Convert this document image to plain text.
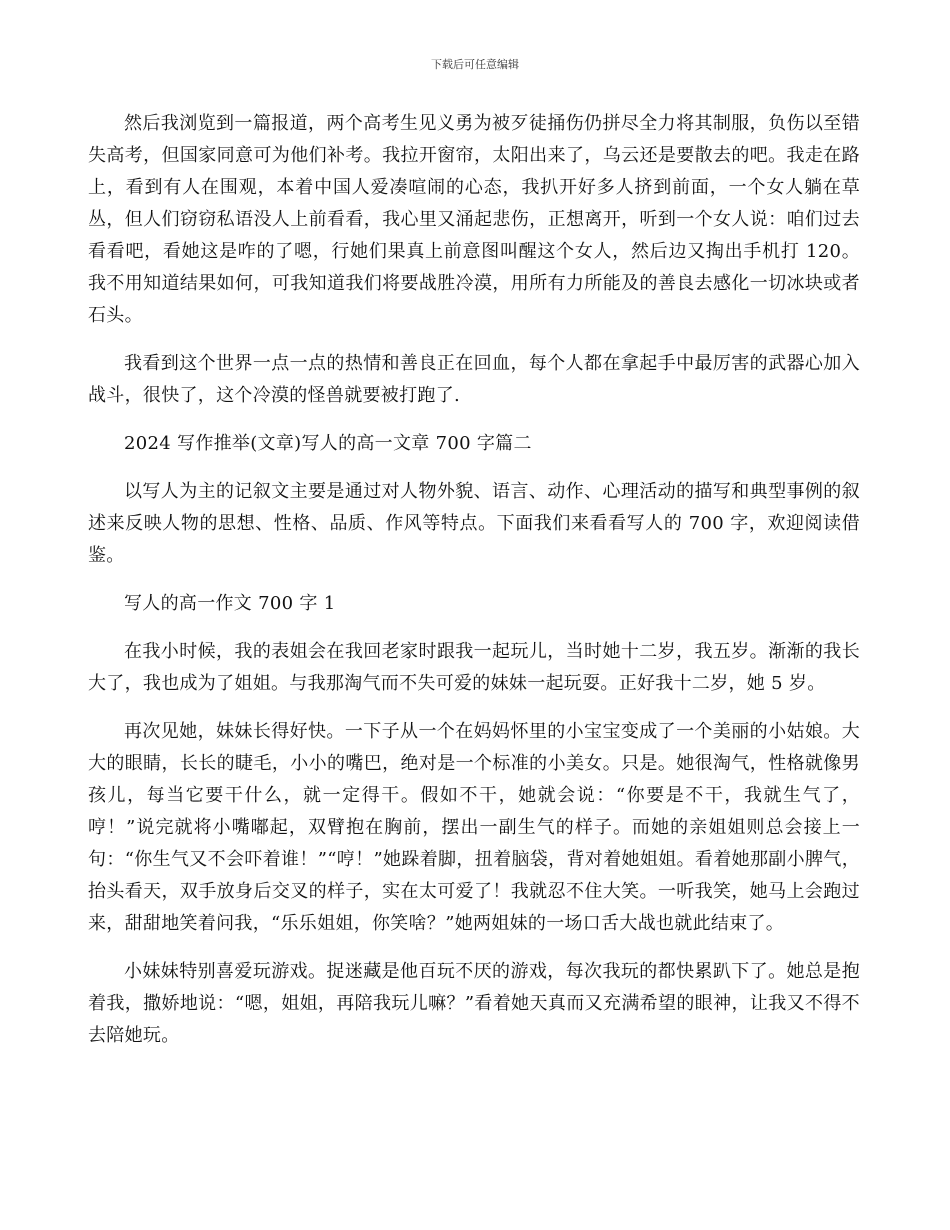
下载后可任意编辑

然后我浏览到一篇报道，两个高考生见义勇为被歹徒捅伤仍拼尽全力将其制服，负伤以至错失高考，但国家同意可为他们补考。我拉开窗帘，太阳出来了，乌云还是要散去的吧。我走在路上，看到有人在围观，本着中国人爱凑喧闹的心态，我扒开好多人挤到前面，一个女人躺在草丛，但人们窃窃私语没人上前看看，我心里又涌起悲伤，正想离开，听到一个女人说：咱们过去看看吧，看她这是咋的了嗯，行她们果真上前意图叫醒这个女人，然后边又掏出手机打 120。我不用知道结果如何，可我知道我们将要战胜冷漠，用所有力所能及的善良去感化一切冰块或者石头。

我看到这个世界一点一点的热情和善良正在回血，每个人都在拿起手中最厉害的武器心加入战斗，很快了，这个冷漠的怪兽就要被打跑了.

2024 写作推举(文章)写人的高一文章 700 字篇二

以写人为主的记叙文主要是通过对人物外貌、语言、动作、心理活动的描写和典型事例的叙述来反映人物的思想、性格、品质、作风等特点。下面我们来看看写人的 700 字，欢迎阅读借鉴。

写人的高一作文 700 字 1

在我小时候，我的表姐会在我回老家时跟我一起玩儿，当时她十二岁，我五岁。渐渐的我长大了，我也成为了姐姐。与我那淘气而不失可爱的妹妹一起玩耍。正好我十二岁，她 5 岁。

再次见她，妹妹长得好快。一下子从一个在妈妈怀里的小宝宝变成了一个美丽的小姑娘。大大的眼睛，长长的睫毛，小小的嘴巴，绝对是一个标准的小美女。只是。她很淘气，性格就像男孩儿，每当它要干什么，就一定得干。假如不干，她就会说：“你要是不干，我就生气了，哼！”说完就将小嘴嘟起，双臂抱在胸前，摆出一副生气的样子。而她的亲姐姐则总会接上一句：“你生气又不会吓着谁！”“哼！”她跺着脚，扭着脑袋，背对着她姐姐。看着她那副小脾气，抬头看天，双手放身后交叉的样子，实在太可爱了！我就忍不住大笑。一听我笑，她马上会跑过来，甜甜地笑着问我，“乐乐姐姐，你笑啥？”她两姐妹的一场口舌大战也就此结束了。

小妹妹特别喜爱玩游戏。捉迷藏是他百玩不厌的游戏，每次我玩的都快累趴下了。她总是抱着我，撒娇地说：“嗯，姐姐，再陪我玩儿嘛？”看着她天真而又充满希望的眼神，让我又不得不去陪她玩。
